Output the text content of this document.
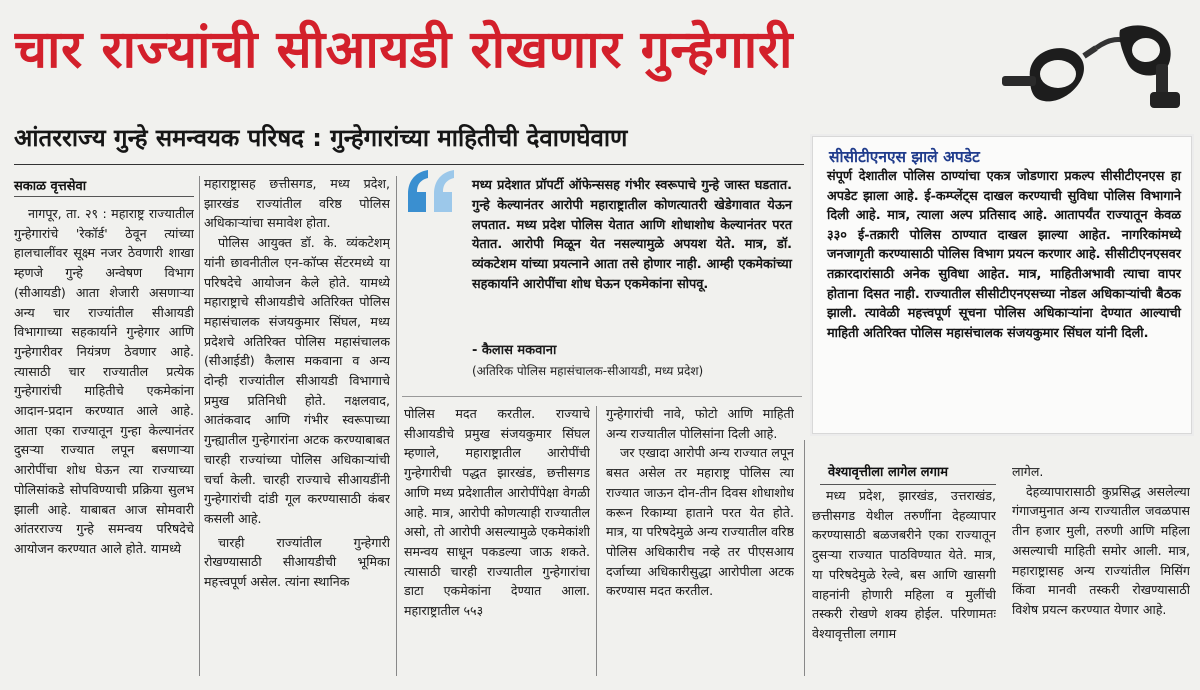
चार राज्यांची सीआयडी रोखणार गुन्हेगारी
आंतरराज्य गुन्हे समन्वयक परिषद : गुन्हेगारांच्या माहितीची देवाणघेवाण
सकाळ वृत्तसेवा

नागपूर, ता. २९ : महाराष्ट्र राज्यातील गुन्हेगारांचे 'रेकॉर्ड' ठेवून त्यांच्या हालचालींवर सूक्ष्म नजर ठेवणारी शाखा म्हणजे गुन्हे अन्वेषण विभाग (सीआयडी) आता शेजारी असणाऱ्या अन्य चार राज्यांतील सीआयडी विभागाच्या सहकार्याने गुन्हेगार आणि गुन्हेगारीवर नियंत्रण ठेवणार आहे. त्यासाठी चार राज्यातील प्रत्येक गुन्हेगारांची माहितीचे एकमेकांना आदान-प्रदान करण्यात आले आहे. आता एका राज्यातून गुन्हा केल्यानंतर दुसऱ्या राज्यात लपून बसणाऱ्या आरोपींचा शोध घेऊन त्या राज्याच्या पोलिसांकडे सोपविण्याची प्रक्रिया सुलभ झाली आहे. याबाबत आज सोमवारी आंतरराज्य गुन्हे समन्वय परिषदेचे आयोजन करण्यात आले होते. यामध्ये

महाराष्ट्रासह छत्तीसगड, मध्य प्रदेश, झारखंड राज्यांतील वरिष्ठ पोलिस अधिकाऱ्यांचा समावेश होता.

पोलिस आयुक्त डॉ. के. व्यंकटेशम् यांनी छावनीतील एन-कॉप्स सेंटरमध्ये या परिषदेचे आयोजन केले होते. यामध्ये महाराष्ट्राचे सीआयडीचे अतिरिक्त पोलिस महासंचालक संजयकुमार सिंघल, मध्य प्रदेशचे अतिरिक्त पोलिस महासंचालक (सीआईडी) कैलास मकवाना व अन्य दोन्ही राज्यांतील सीआयडी विभागाचे प्रमुख प्रतिनिधी होते. नक्षलवाद, आतंकवाद आणि गंभीर स्वरूपाच्या गुन्ह्यातील गुन्हेगारांना अटक करण्याबाबत चारही राज्यांच्या पोलिस अधिकाऱ्यांची चर्चा केली. चारही राज्याचे सीआयडींनी गुन्हेगारांची दांडी गूल करण्यासाठी कंबर कसली आहे.

चारही राज्यांतील गुन्हेगारी रोखण्यासाठी सीआयडीची भूमिका महत्त्वपूर्ण असेल. त्यांना स्थानिक

मध्य प्रदेशात प्रॉपर्टी ऑफेन्ससह गंभीर स्वरूपाचे गुन्हे जास्त घडतात. गुन्हे केल्यानंतर आरोपी महाराष्ट्रातील कोणत्यातरी खेडेगावात येऊन लपतात. मध्य प्रदेश पोलिस येतात आणि शोधाशोध केल्यानंतर परत येतात. आरोपी मिळून येत नसल्यामुळे अपयश येते. मात्र, डॉ. व्यंकटेशम यांच्या प्रयत्नाने आता तसे होणार नाही. आम्ही एकमेकांच्या सहकार्याने आरोपींचा शोध घेऊन एकमेकांना सोपवू.
- कैलास मकवाना
(अतिरिक पोलिस महासंचालक-सीआयडी, मध्य प्रदेश)

पोलिस मदत करतील. राज्याचे सीआयडीचे प्रमुख संजयकुमार सिंघल म्हणाले, महाराष्ट्रातील आरोपींची गुन्हेगारीची पद्धत झारखंड, छत्तीसगड आणि मध्य प्रदेशातील आरोपींपेक्षा वेगळी आहे. मात्र, आरोपी कोणत्याही राज्यातील असो, तो आरोपी असल्यामुळे एकमेकांशी समन्वय साधून पकडल्या जाऊ शकते. त्यासाठी चारही राज्यातील गुन्हेगारांचा डाटा एकमेकांना देण्यात आला. महाराष्ट्रातील ५५३

गुन्हेगारांची नावे, फोटो आणि माहिती अन्य राज्यातील पोलिसांना दिली आहे.

जर एखादा आरोपी अन्य राज्यात लपून बसत असेल तर महाराष्ट्र पोलिस त्या राज्यात जाऊन दोन-तीन दिवस शोधाशोध करून रिकाम्या हाताने परत येत होते. मात्र, या परिषदेमुळे अन्य राज्यातील वरिष्ठ पोलिस अधिकारीच नव्हे तर पीएसआय दर्जाच्या अधिकारीसुद्धा आरोपीला अटक करण्यास मदत करतील.

सीसीटीएनएस झाले अपडेट
संपूर्ण देशातील पोलिस ठाण्यांचा एकत्र जोडणारा प्रकल्प सीसीटीएनएस हा अपडेट झाला आहे. ई-कम्प्लेंट्स दाखल करण्याची सुविधा पोलिस विभागाने दिली आहे. मात्र, त्याला अल्प प्रतिसाद आहे. आतापर्यंत राज्यातून केवळ ३३० ई-तक्रारी पोलिस ठाण्यात दाखल झाल्या आहेत. नागरिकांमध्ये जनजागृती करण्यासाठी पोलिस विभाग प्रयत्न करणार आहे. सीसीटीएनएसवर तक्रारदारांसाठी अनेक सुविधा आहेत. मात्र, माहितीअभावी त्याचा वापर होताना दिसत नाही. राज्यातील सीसीटीएनएसच्या नोडल अधिकाऱ्यांची बैठक झाली. त्यावेळी महत्त्वपूर्ण सूचना पोलिस अधिकाऱ्यांना देण्यात आल्याची माहिती अतिरिक्त पोलिस महासंचालक संजयकुमार सिंघल यांनी दिली.
वेश्यावृत्तीला लागेल लगाम

मध्य प्रदेश, झारखंड, उत्तराखंड, छत्तीसगड येथील तरुणींना देहव्यापार करण्यासाठी बळजबरीने एका राज्यातून दुसऱ्या राज्यात पाठविण्यात येते. मात्र, या परिषदेमुळे रेल्वे, बस आणि खासगी वाहनांनी होणारी महिला व मुलींची तस्करी रोखणे शक्य होईल. परिणामतः वेश्यावृत्तीला लगाम

लागेल.

देहव्यापारासाठी कुप्रसिद्ध असलेल्या गंगाजमुनात अन्य राज्यातील जवळपास तीन हजार मुली, तरुणी आणि महिला असल्याची माहिती समोर आली. मात्र, महाराष्ट्रासह अन्य राज्यांतील मिसिंग किंवा मानवी तस्करी रोखण्यासाठी विशेष प्रयत्न करण्यात येणार आहे.
